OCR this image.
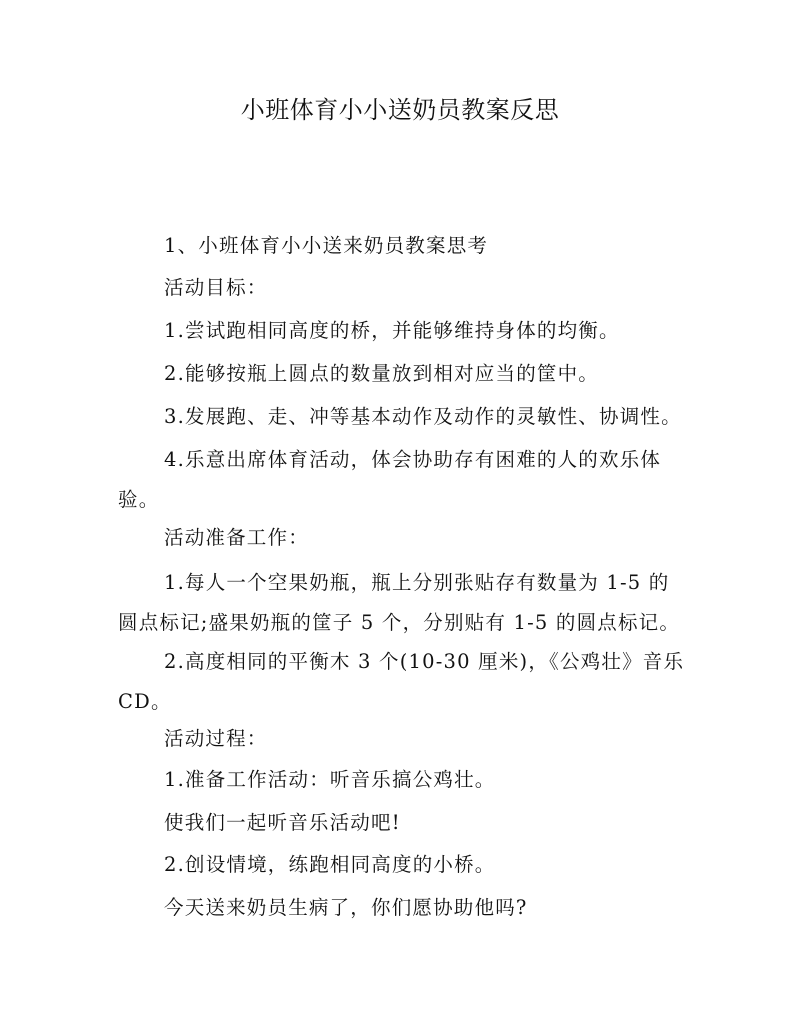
小班体育小小送奶员教案反思

1、小班体育小小送来奶员教案思考

活动目标：

1.尝试跑相同高度的桥，并能够维持身体的均衡。

2.能够按瓶上圆点的数量放到相对应当的筐中。

3.发展跑、走、冲等基本动作及动作的灵敏性、协调性。

4.乐意出席体育活动，体会协助存有困难的人的欢乐体验。

活动准备工作：

1.每人一个空果奶瓶，瓶上分别张贴存有数量为 1-5 的圆点标记;盛果奶瓶的筐子 5 个，分别贴有 1-5 的圆点标记。

2.高度相同的平衡木 3 个(10-30 厘米)，《公鸡壮》音乐 CD。

活动过程：

1.准备工作活动：听音乐搞公鸡壮。

使我们一起听音乐活动吧!

2.创设情境，练跑相同高度的小桥。

今天送来奶员生病了，你们愿协助他吗?
